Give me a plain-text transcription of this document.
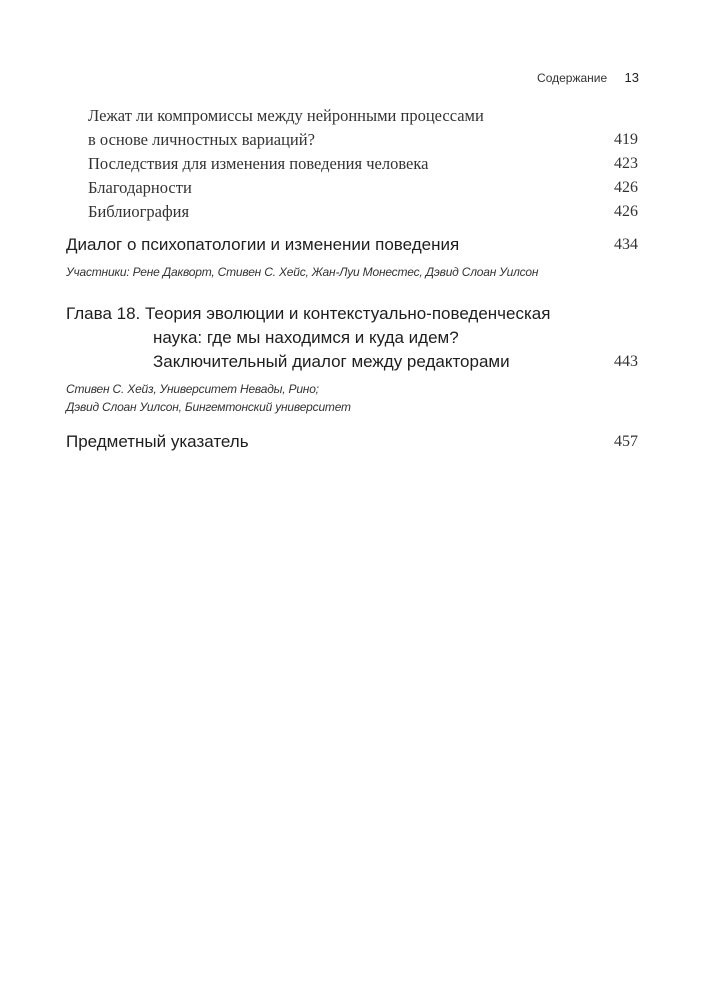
Содержание 13
Лежат ли компромиссы между нейронными процессами
в основе личностных вариаций?	419
Последствия для изменения поведения человека	423
Благодарности	426
Библиография	426
Диалог о психопатологии и изменении поведения	434
Участники: Рене Дакворт, Стивен С. Хейс, Жан-Луи Монестес, Дэвид Слоан Уилсон
Глава 18. Теория эволюции и контекстуально-поведенческая
наука: где мы находимся и куда идем?
Заключительный диалог между редакторами	443
Стивен С. Хейз, Университет Невады, Рино;
Дэвид Слоан Уилсон, Бингемтонский университет
Предметный указатель	457
